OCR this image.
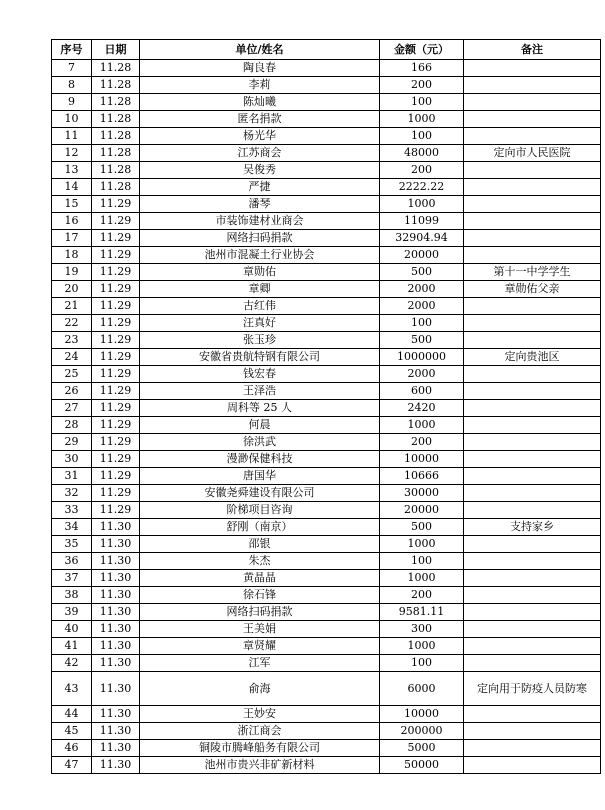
序号	日期	单位/姓名	金额（元）	备注
7	11.28	陶良春	166	
8	11.28	李莉	200	
9	11.28	陈灿曦	100	
10	11.28	匿名捐款	1000	
11	11.28	杨光华	100	
12	11.28	江苏商会	48000	定向市人民医院
13	11.28	吴俊秀	200	
14	11.28	严捷	2222.22	
15	11.29	潘琴	1000	
16	11.29	市装饰建材业商会	11099	
17	11.29	网络扫码捐款	32904.94	
18	11.29	池州市混凝土行业协会	20000	
19	11.29	章勋佑	500	第十一中学学生
20	11.29	章卿	2000	章勋佑父亲
21	11.29	古红伟	2000	
22	11.29	汪真好	100	
23	11.29	张玉珍	500	
24	11.29	安徽省贵航特钢有限公司	1000000	定向贵池区
25	11.29	钱宏春	2000	
26	11.29	王泽浩	600	
27	11.29	周科等 25 人	2420	
28	11.29	何晨	1000	
29	11.29	徐洪武	200	
30	11.29	漫渺保健科技	10000	
31	11.29	唐国华	10666	
32	11.29	安徽尧舜建设有限公司	30000	
33	11.29	阶梯项目咨询	20000	
34	11.30	舒刚（南京）	500	支持家乡
35	11.30	邵银	1000	
36	11.30	朱杰	100	
37	11.30	黄晶晶	1000	
38	11.30	徐石锋	200	
39	11.30	网络扫码捐款	9581.11	
40	11.30	王美娟	300	
41	11.30	章贤耀	1000	
42	11.30	江军	100	
43	11.30	俞海	6000	定向用于防疫人员防寒
44	11.30	王妙安	10000	
45	11.30	浙江商会	200000	
46	11.30	铜陵市腾峰船务有限公司	5000	
47	11.30	池州市贵兴非矿新材料	50000	
